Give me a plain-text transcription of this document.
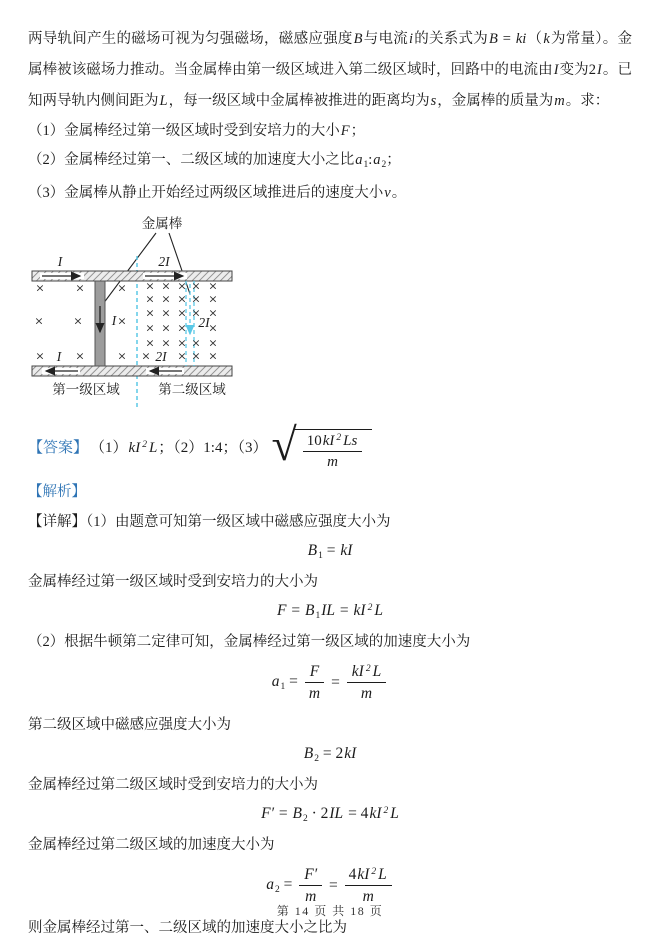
两导轨间产生的磁场可视为匀强磁场，磁感应强度B与电流i的关系式为B = ki（k为常量）。金属棒被该磁场力推动。当金属棒由第一级区域进入第二级区域时，回路中的电流由I变为2I。已知两导轨内侧间距为L，每一级区域中金属棒被推进的距离均为s，金属棒的质量为m。求：

（1）金属棒经过第一级区域时受到安培力的大小F；

（2）金属棒经过第一、二级区域的加速度大小之比$a_1:a_2$；

（3）金属棒从静止开始经过两级区域推进后的速度大小v。

金属棒
×	×	×
×	×	×
×	×	×
× × × × ×
× × × × ×
× × × × ×
× × × ×
× × × × ×
× × × ×
I	2I
I	2I
I	2I
第一级区域	第二级区域
【答案】 （1）kI $^2$ L；（2）1:4；（3） √ $\frac{10kI ^2 Ls}{m}$

【解析】

【详解】（1）由题意可知第一级区域中磁感应强度大小为

$B_1$ = kI

金属棒经过第一级区域时受到安培力的大小为

$F = B_1IL$ = kI $^2$ L

（2）根据牛顿第二定律可知，金属棒经过第一级区域的加速度大小为

$a_1 = \frac{F}{m} = \frac{kI ^2 L}{m}$

第二级区域中磁感应强度大小为

$B_2 = 2kI$

金属棒经过第二级区域时受到安培力的大小为

$F' = B_2 \cdot 2IL = 4kI$ $^2$ L

金属棒经过第二级区域的加速度大小为

$a_2 = \frac{F'}{m} = \frac{4kI ^2 L}{m}$

则金属棒经过第一、二级区域的加速度大小之比为

第 14 页 共 18 页
